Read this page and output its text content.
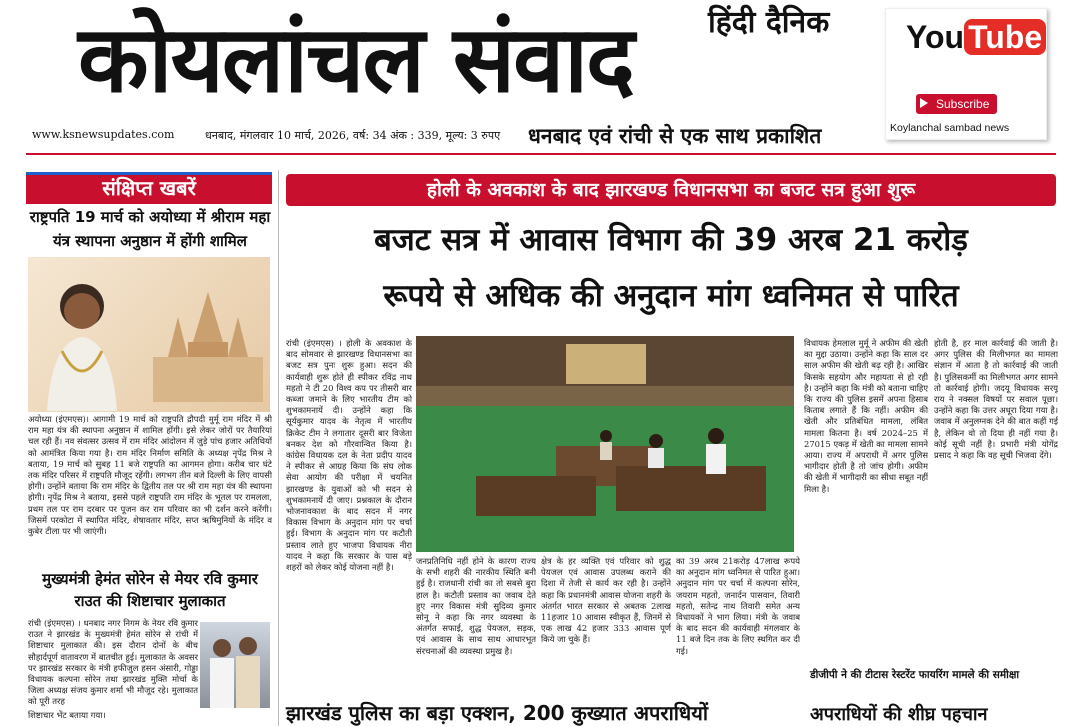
हिंदी दैनिक
कोयलांचल संवाद
www.ksnewsupdates.com	धनबाद, मंगलवार 10 मार्च, 2026, वर्ष: 34 अंक : 339, मूल्य: 3 रुपए धनबाद एवं रांची से एक साथ प्रकाशित
You Tube
Subscribe
Koylanchal sambad news
संक्षिप्त खबरें
राष्ट्रपति 19 मार्च को अयोध्या में श्रीराम महा यंत्र स्थापना अनुष्ठान में होंगी शामिल
अयोध्या (इंएमएस)। आगामी 19 मार्च को राष्ट्रपति द्रौपदी मुर्मू राम मंदिर में श्री राम महा यंत्र की स्थापना अनुष्ठान में शामिल होंगी। इसे लेकर जोरों पर तैयारियां चल रही हैं। नव संवत्सर उत्सव में राम मंदिर आंदोलन में जुड़े पांच हजार अतिथियों को आमंत्रित किया गया है। राम मंदिर निर्माण समिति के अध्यक्ष नृपेंद्र मिश्र ने बताया, 19 मार्च को सुबह 11 बजे राष्ट्रपति का आगमन होगा। करीब चार घंटे तक मंदिर परिसर में राष्ट्रपति मौजूद रहेंगी। लगभग तीन बजे दिल्ली के लिए वापसी होगी। उन्होंने बताया कि राम मंदिर के द्वितीय तल पर श्री राम महा यंत्र की स्थापना होगी। नृपेंद्र मिश्र ने बताया, इससे पहले राष्ट्रपति राम मंदिर के भूतल पर रामलला, प्रथम तल पर राम दरबार पर पूजन कर राम परिवार का भी दर्शन करने करेंगी। जिसमें परकोटा में स्थापित मंदिर, शेषावतार मंदिर, सप्त ऋषिमुनियों के मंदिर व कुबेर टीला पर भी जाएंगी।
मुख्यमंत्री हेमंत सोरेन से मेयर रवि कुमार राउत की शिष्टाचार मुलाकात
रांची (इंएमएस) । धनबाद नगर निगम के नेयर रवि कुमार राउत ने झारखंड के मुख्यमंत्री हेमंत सोरेन से रांची में शिष्टाचार मुलाकात की। इस दौरान दोनों के बीच सौहार्दपूर्ण वातावरण में बातचीत हुई। मुलाकात के अवसर पर झारखंड सरकार के मंत्री हफीजुल हसन अंसारी, गोड्डा विधायक कल्पना सोरेन तथा झारखंड मुक्ति मोर्चा के जिला अध्यक्ष संजय कुमार शर्मा भी मौजूद रहे। मुलाकात को पूरी तरह
शिष्टाचार भेंट बताया गया।
होली के अवकाश के बाद झारखण्ड विधानसभा का बजट सत्र हुआ शुरू
बजट सत्र में आवास विभाग की 39 अरब 21 करोड़
रूपये से अधिक की अनुदान मांग ध्वनिमत से पारित
रांची (इंएमएस) । होली के अवकाश के बाद सोमवार से झारखण्ड विधानसभा का बजट सत्र पुनः शुरू हुआ। सदन की कार्यवाही शुरू होते ही स्पीकर रविंद्र नाथ महतो ने टी 20 विश्व कप पर तीसरी बार कब्जा जमाने के लिए भारतीय टीम को शुभकामनायें दी। उन्होंने कहा कि सूर्यकुमार यादव के नेतृत्व में भारतीय क्रिकेट टीम ने लगातार दूसरी बार विजेता बनकर देश को गौरवान्वित किया है। कांग्रेस विधायक दल के नेता प्रदीप यादव ने स्पीकर से आग्रह किया कि संघ लोक सेवा आयोग की परीक्षा में चयनित झारखण्ड के युवाओं को भी सदन से शुभकामनायें दी जाए। प्रश्नकाल के दौरान भोजनावकाश के बाद सदन में नगर विकास विभाग के अनुदान मांग पर चर्चा हुई। विभाग के अनुदान मांग पर कटौती प्रस्ताव लाते हुए भाजपा विधायक नीरा यादव ने कहा कि सरकार के पास बड़े शहरों को लेकर कोई योजना नहीं है।
जनप्रतिनिधि नहीं होने के कारण राज्य के सभी शहरी की नारकीय स्थिति बनी हुई है। राजधानी रांची का तो सबसे बुरा हाल है। कटौती प्रस्ताव का जवाब देते हुए नगर विकास मंत्री सुदिव्य कुमार सोनू ने कहा कि नगर व्यवस्था के अंतर्गत सफाई, शुद्ध पेयजल, सड़क, एवं आवास के साथ साथ आधारभूत संरचनाओं की व्यवस्था प्रमुख है।
क्षेत्र के हर व्यक्ति एवं परिवार को शुद्ध पेयजल एवं आवास उपलब्ध कराने की दिशा में तेजी से कार्य कर रही है। उन्होंने कहा कि प्रधानमंत्री आवास योजना शहरी के अंतर्गत भारत सरकार से अबतक 2लाख 11हजार 10 आवास स्वीकृत हैं, जिनमें से एक लाख 42 हजार 333 आवास पूर्ण किये जा चुके हैं।
का 39 अरब 21करोड़ 47लाख रूपये का अनुदान मांग ध्वनिमत से पारित हुआ। अनुदान मांग पर चर्चा में कल्पना सोरेन, जयराम महतो, जनार्दन पासवान, तिवारी महतो, सतेन्द्र नाथ तिवारी समेत अन्य विधायकों ने भाग लिया। मंत्री के जवाब के बाद सदन की कार्यवाही मंगलवार के 11 बजे दिन तक के लिए स्थगित कर दी गई।
विधायक हेमलाल मुर्मू ने अफीम की खेती का मुद्दा उठाया। उन्होंने कहा कि साल दर साल अफीम की खेती बढ़ रही है। आखिर किसके सहयोग और महायता से हो रही है। उन्होंने कहा कि मंत्री को बताना चाहिए कि राज्य की पुलिस इसमें अपना हिसाब किताब लगाते हैं कि नहीं। अफीम की खेती और प्रतिबंधित मामला, लंबित मामला कितना है। वर्ष 2024–25 में 27015 एकड़ में खेती का मामला सामने आया। राज्य में अपराधी में अगर पुलिस भागीदार होती है तो जांच होगी। अफीम की खेती में भागीदारी का सीधा सबूत नहीं मिला है।
होती है, हर माल कार्रवाई की जाती है। अगर पुलिस की मिलीभगत का मामला संज्ञान में आता है तो कार्रवाई की जाती है। पुलिसकर्मी का मिलीभगत अगर सामने तो कार्रवाई होगी। जदयू विधायक सरयू राय ने नक्सल विषयों पर सवाल पूछा। उन्होंने कहा कि उत्तर अधूरा दिया गया है। जवाब में अनुलग्नक देने की बात कहीं गई है, लेकिन वो तो दिया ही नहीं गया है। कोई सूची नहीं है। प्रभारी मंत्री योगेंद्र प्रसाद ने कहा कि वह सूची भिजवा देंगे।
डीजीपी ने की टीटास रेस्टरेंट फायरिंग मामले की समीक्षा
झारखंड पुलिस का बड़ा एक्शन, 200 कुख्यात अपराधियों	अपराधियों की शीघ्र पहचान
